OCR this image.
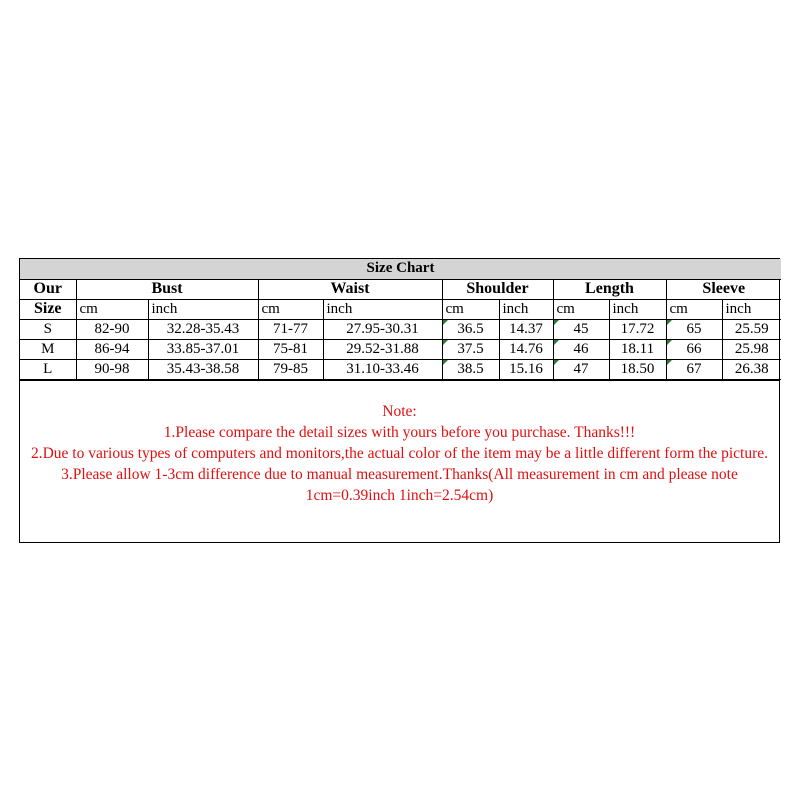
Size Chart										
Our	Bust		Waist		Shoulder		Length		Sleeve	
Size	cm	inch	cm	inch	cm	inch	cm	inch	cm	inch
S	82-90	32.28-35.43	71-77	27.95-30.31	36.5	14.37	45	17.72	65	25.59
M	86-94	33.85-37.01	75-81	29.52-31.88	37.5	14.76	46	18.11	66	25.98
L	90-98	35.43-38.58	79-85	31.10-33.46	38.5	15.16	47	18.50	67	26.38

Note:

1.Please compare the detail sizes with yours before you purchase. Thanks!!!

2.Due to various types of computers and monitors,the actual color of the item may be a little different form the picture.

3.Please allow 1-3cm difference due to manual measurement.Thanks(All measurement in cm and please note 1cm=0.39inch 1inch=2.54cm)
